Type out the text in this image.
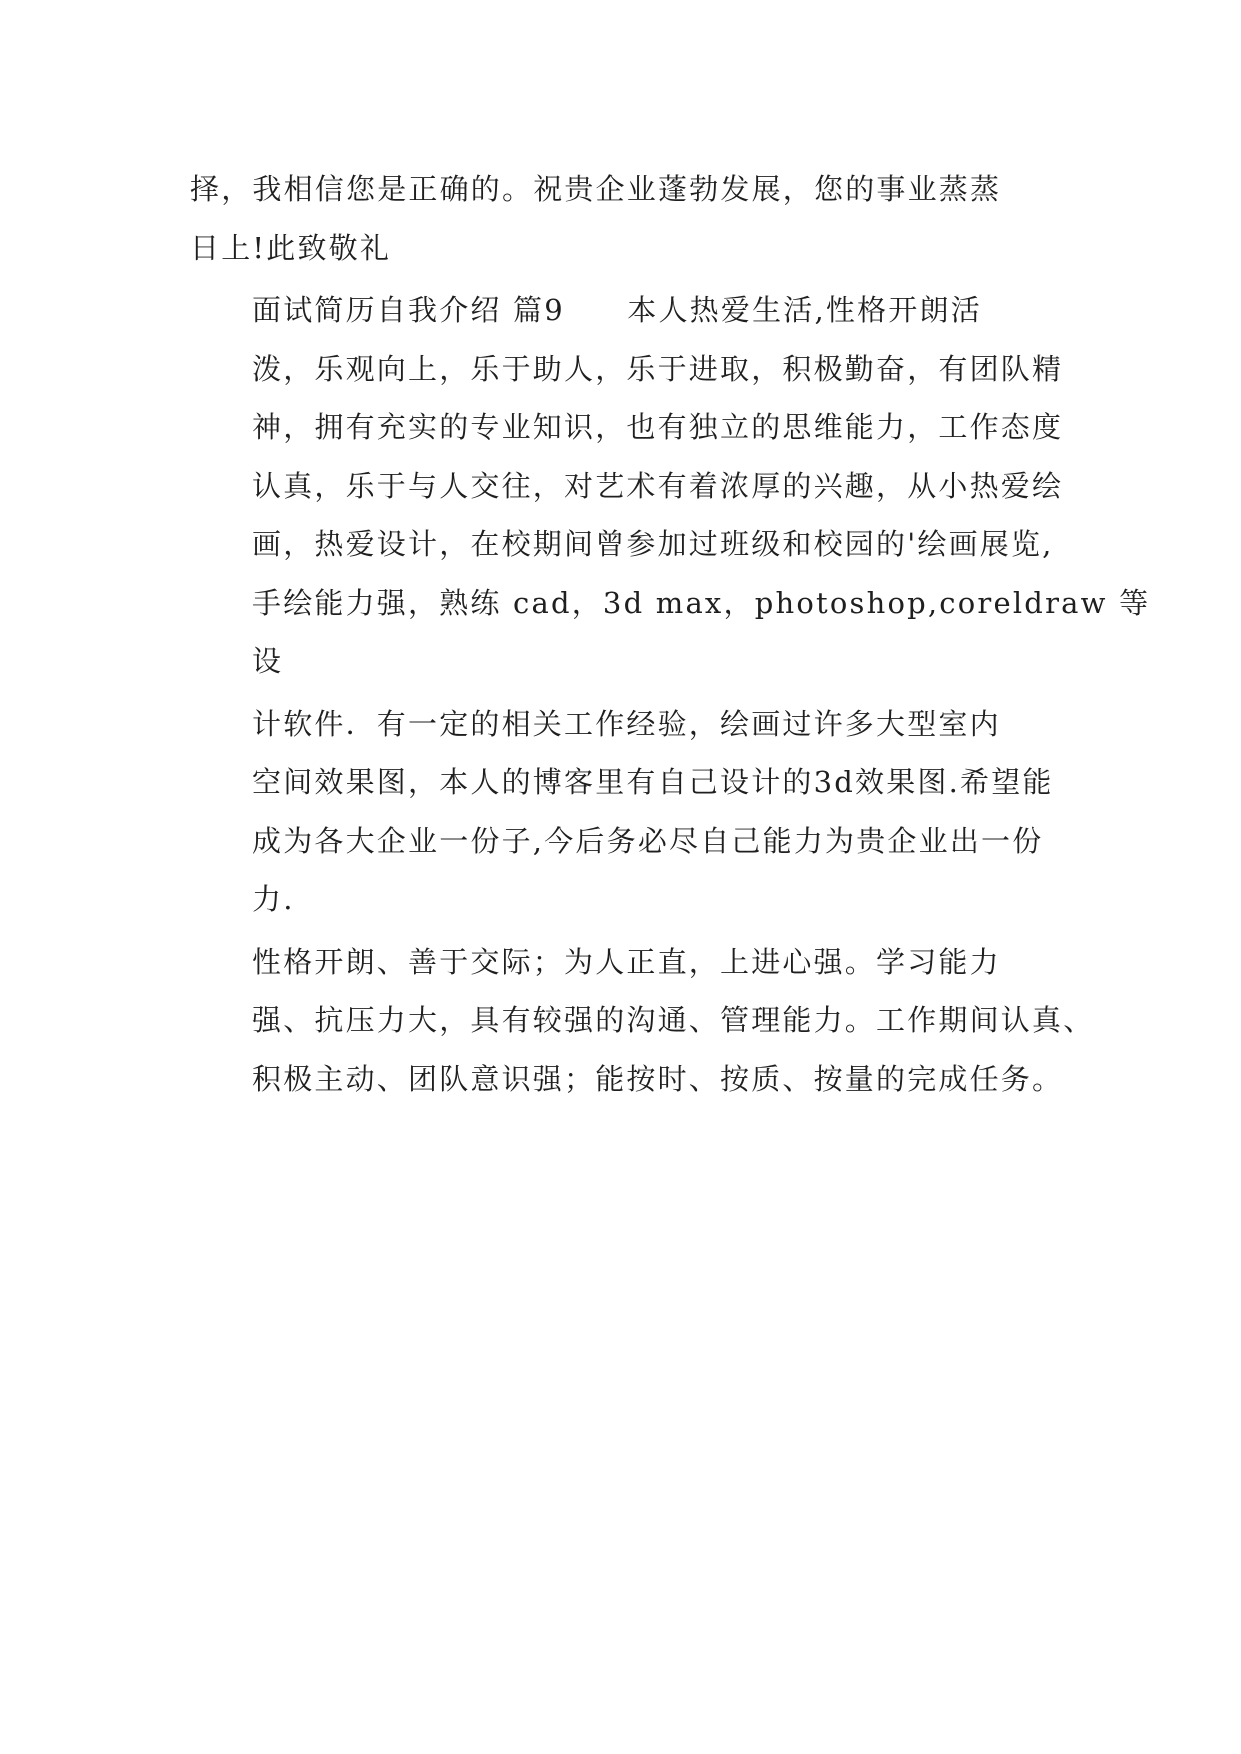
择，我相信您是正确的。祝贵企业蓬勃发展，您的事业蒸蒸
日上!此致敬礼

面试简历自我介绍 篇9　　本人热爱生活,性格开朗活
泼，乐观向上，乐于助人，乐于进取，积极勤奋，有团队精
神，拥有充实的专业知识，也有独立的思维能力，工作态度
认真，乐于与人交往，对艺术有着浓厚的兴趣，从小热爱绘
画，热爱设计，在校期间曾参加过班级和校园的'绘画展览,
手绘能力强，熟练 cad，3d max，photoshop,coreldraw 等
设

计软件．有一定的相关工作经验，绘画过许多大型室内
空间效果图，本人的博客里有自己设计的3d效果图.希望能
成为各大企业一份子,今后务必尽自己能力为贵企业出一份
力.

性格开朗、善于交际；为人正直，上进心强。学习能力
强、抗压力大，具有较强的沟通、管理能力。工作期间认真、
积极主动、团队意识强；能按时、按质、按量的完成任务。
